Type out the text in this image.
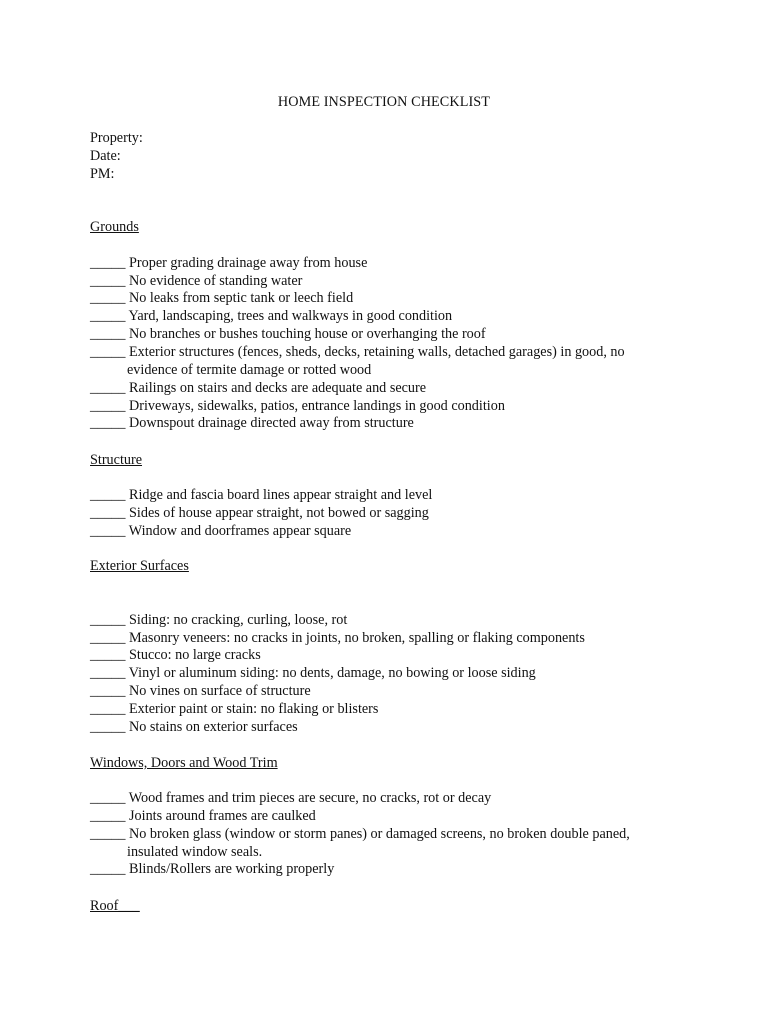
HOME INSPECTION CHECKLIST
Property:
Date:
PM:
Grounds
_____ Proper grading drainage away from house
_____ No evidence of standing water
_____ No leaks from septic tank or leech field
_____ Yard, landscaping, trees and walkways in good condition
_____ No branches or bushes touching house or overhanging the roof
_____ Exterior structures (fences, sheds, decks, retaining walls, detached garages) in good, no
evidence of termite damage or rotted wood
_____ Railings on stairs and decks are adequate and secure
_____ Driveways, sidewalks, patios, entrance landings in good condition
_____ Downspout drainage directed away from structure
Structure
_____ Ridge and fascia board lines appear straight and level
_____ Sides of house appear straight, not bowed or sagging
_____ Window and doorframes appear square
Exterior Surfaces
_____ Siding: no cracking, curling, loose, rot
_____ Masonry veneers: no cracks in joints, no broken, spalling or flaking components
_____ Stucco: no large cracks
_____ Vinyl or aluminum siding: no dents, damage, no bowing or loose siding
_____ No vines on surface of structure
_____ Exterior paint or stain: no flaking or blisters
_____ No stains on exterior surfaces
Windows, Doors and Wood Trim
_____ Wood frames and trim pieces are secure, no cracks, rot or decay
_____ Joints around frames are caulked
_____ No broken glass (window or storm panes) or damaged screens, no broken double paned,
insulated window seals.
_____ Blinds/Rollers are working properly
Roof___
